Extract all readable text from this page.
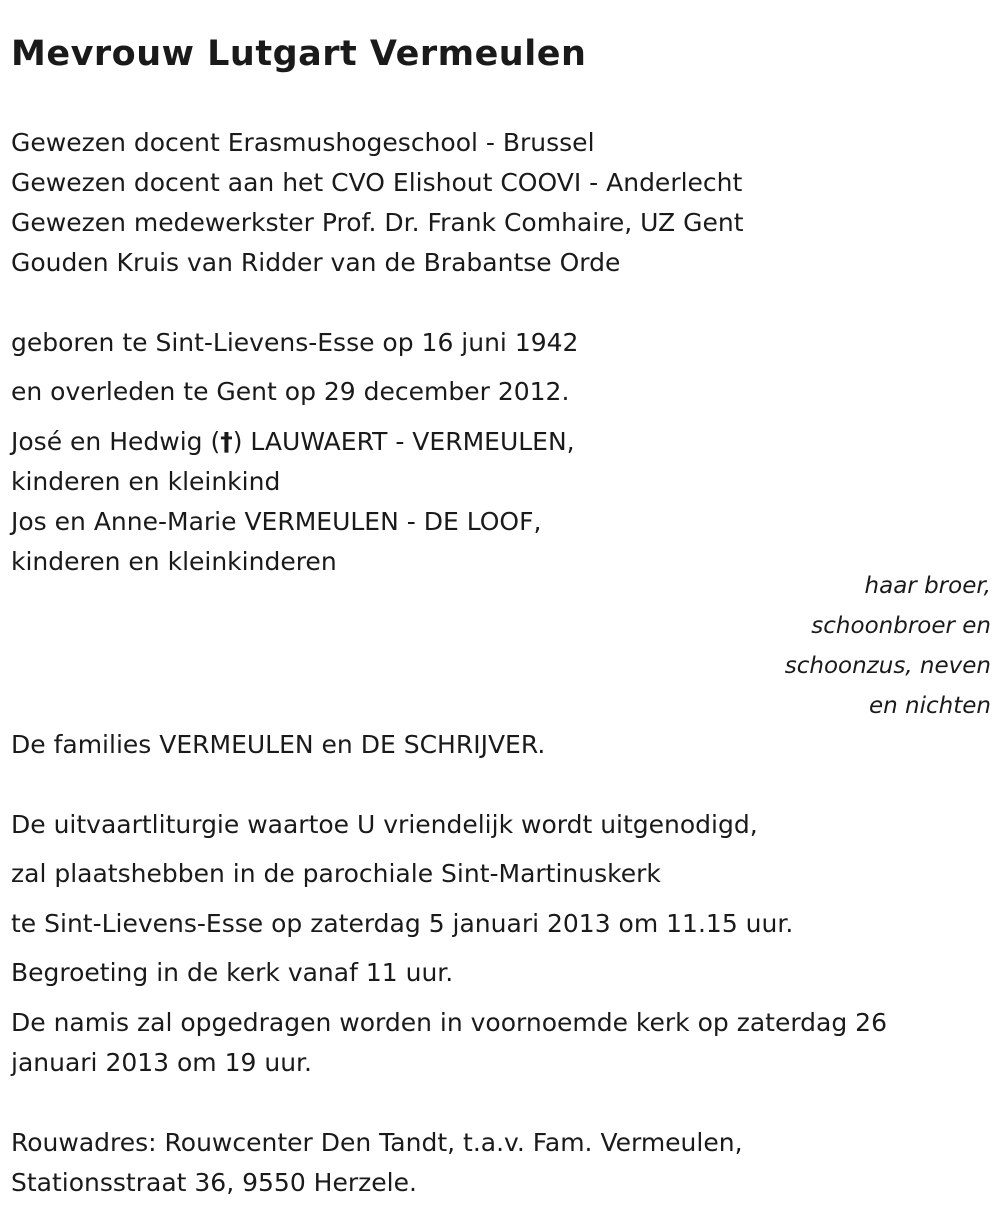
Mevrouw Lutgart Vermeulen
Gewezen docent Erasmushogeschool - Brussel
Gewezen docent aan het CVO Elishout COOVI - Anderlecht
Gewezen medewerkster Prof. Dr. Frank Comhaire, UZ Gent
Gouden Kruis van Ridder van de Brabantse Orde
geboren te Sint-Lievens-Esse op 16 juni 1942
en overleden te Gent op 29 december 2012.
José en Hedwig (†) LAUWAERT - VERMEULEN,
kinderen en kleinkind
Jos en Anne-Marie VERMEULEN - DE LOOF,
kinderen en kleinkinderen
haar broer,
schoonbroer en
schoonzus, neven
en nichten
De families VERMEULEN en DE SCHRIJVER.
De uitvaartliturgie waartoe U vriendelijk wordt uitgenodigd,
zal plaatshebben in de parochiale Sint-Martinuskerk
te Sint-Lievens-Esse op zaterdag 5 januari 2013 om 11.15 uur.
Begroeting in de kerk vanaf 11 uur.
De namis zal opgedragen worden in voornoemde kerk op zaterdag 26
januari 2013 om 19 uur.
Rouwadres: Rouwcenter Den Tandt, t.a.v. Fam. Vermeulen,
Stationsstraat 36, 9550 Herzele.
